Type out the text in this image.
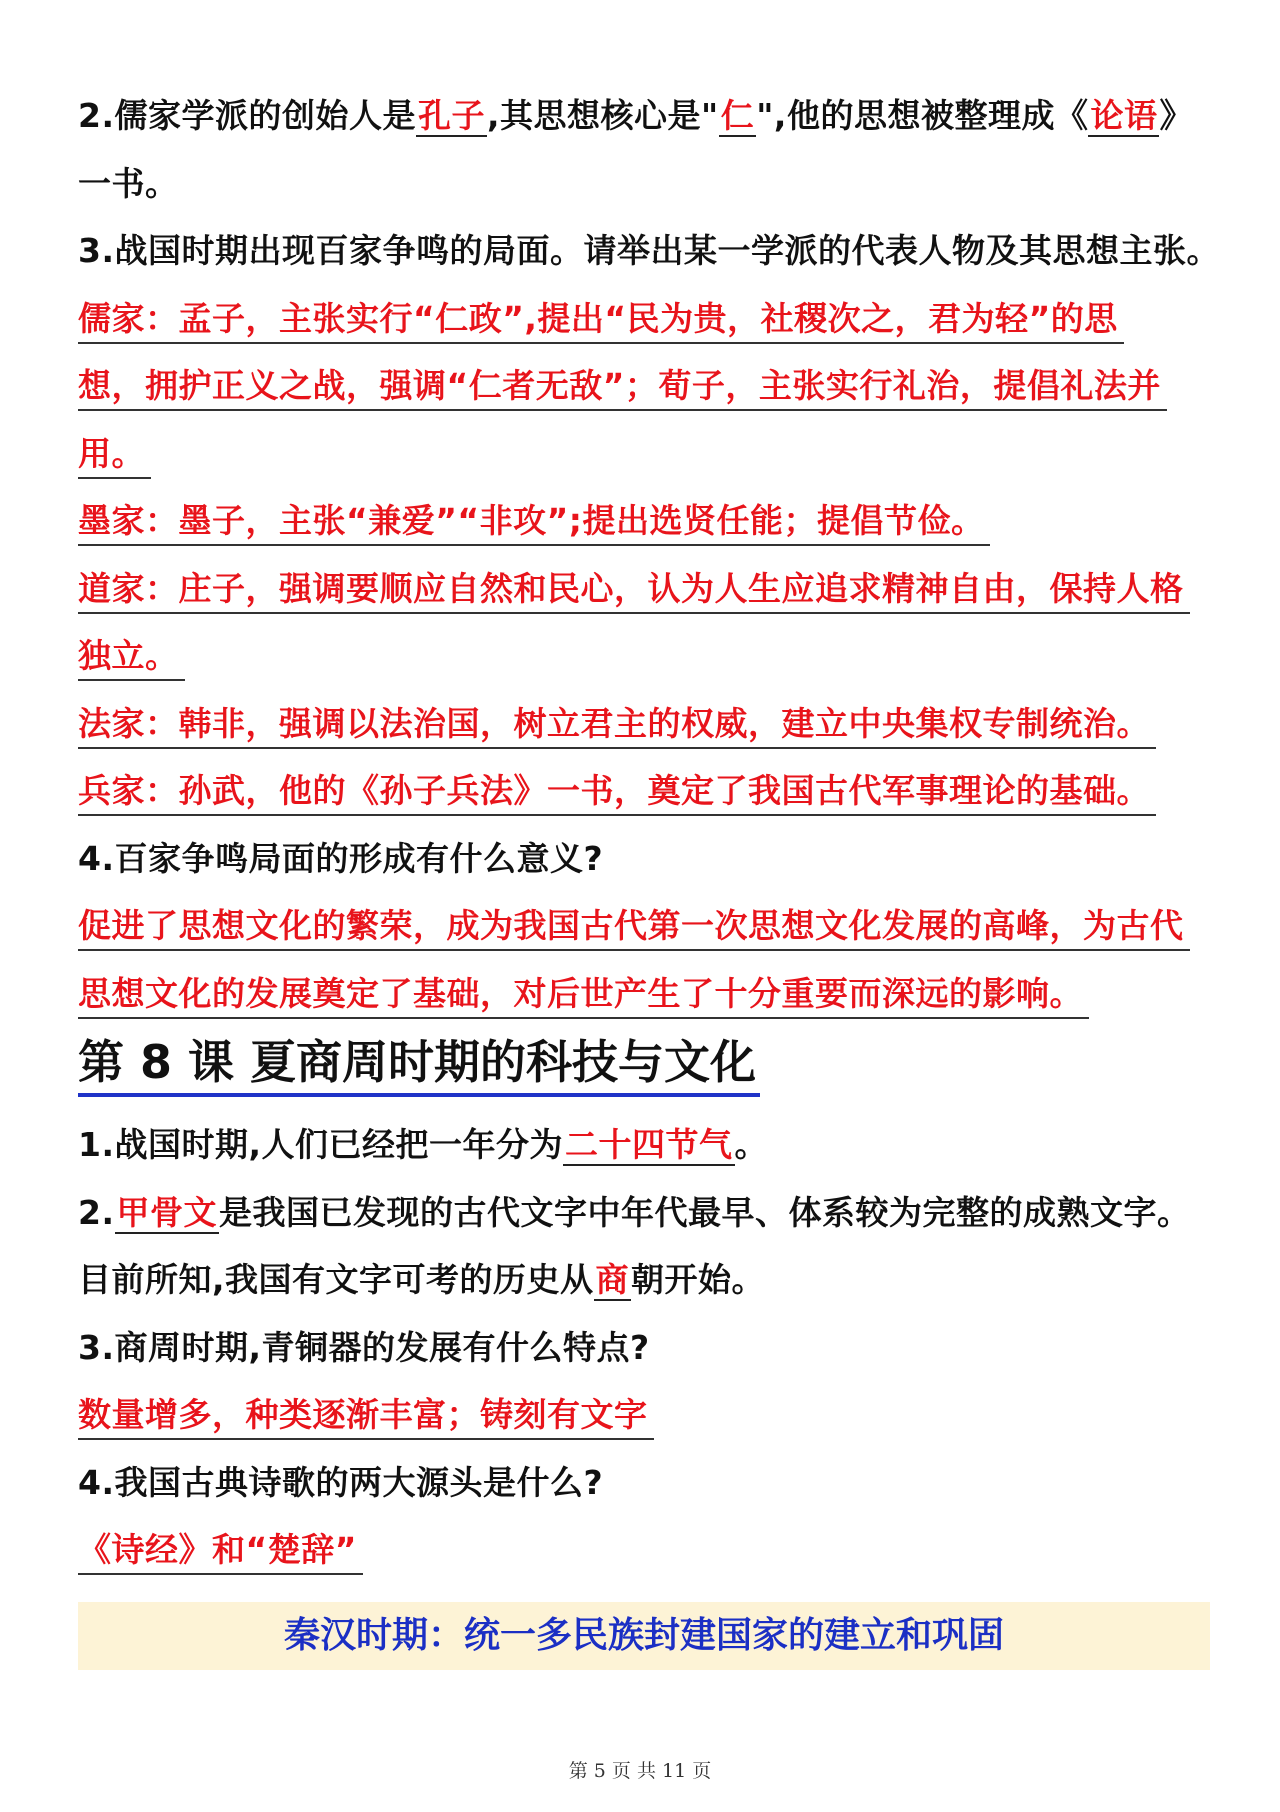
2.儒家学派的创始人是孔子,其思想核心是"仁",他的思想被整理成《论语》
一书。
3.战国时期出现百家争鸣的局面。请举出某一学派的代表人物及其思想主张。
儒家：孟子，主张实行“仁政”,提出“民为贵，社稷次之，君为轻”的思
想，拥护正义之战，强调“仁者无敌”；荀子，主张实行礼治，提倡礼法并
用。
墨家：墨子，主张“兼爱”“非攻”;提出选贤任能；提倡节俭。
道家：庄子，强调要顺应自然和民心，认为人生应追求精神自由，保持人格
独立。
法家：韩非，强调以法治国，树立君主的权威，建立中央集权专制统治。
兵家：孙武，他的《孙子兵法》一书，奠定了我国古代军事理论的基础。
4.百家争鸣局面的形成有什么意义?
促进了思想文化的繁荣，成为我国古代第一次思想文化发展的高峰，为古代
思想文化的发展奠定了基础，对后世产生了十分重要而深远的影响。
第 8 课 夏商周时期的科技与文化
1.战国时期,人们已经把一年分为二十四节气。
2.甲骨文是我国已发现的古代文字中年代最早、体系较为完整的成熟文字。
目前所知,我国有文字可考的历史从商朝开始。
3.商周时期,青铜器的发展有什么特点?
数量增多，种类逐渐丰富；铸刻有文字
4.我国古典诗歌的两大源头是什么?
《诗经》和“楚辞”
秦汉时期：统一多民族封建国家的建立和巩固
第 5 页 共 11 页
